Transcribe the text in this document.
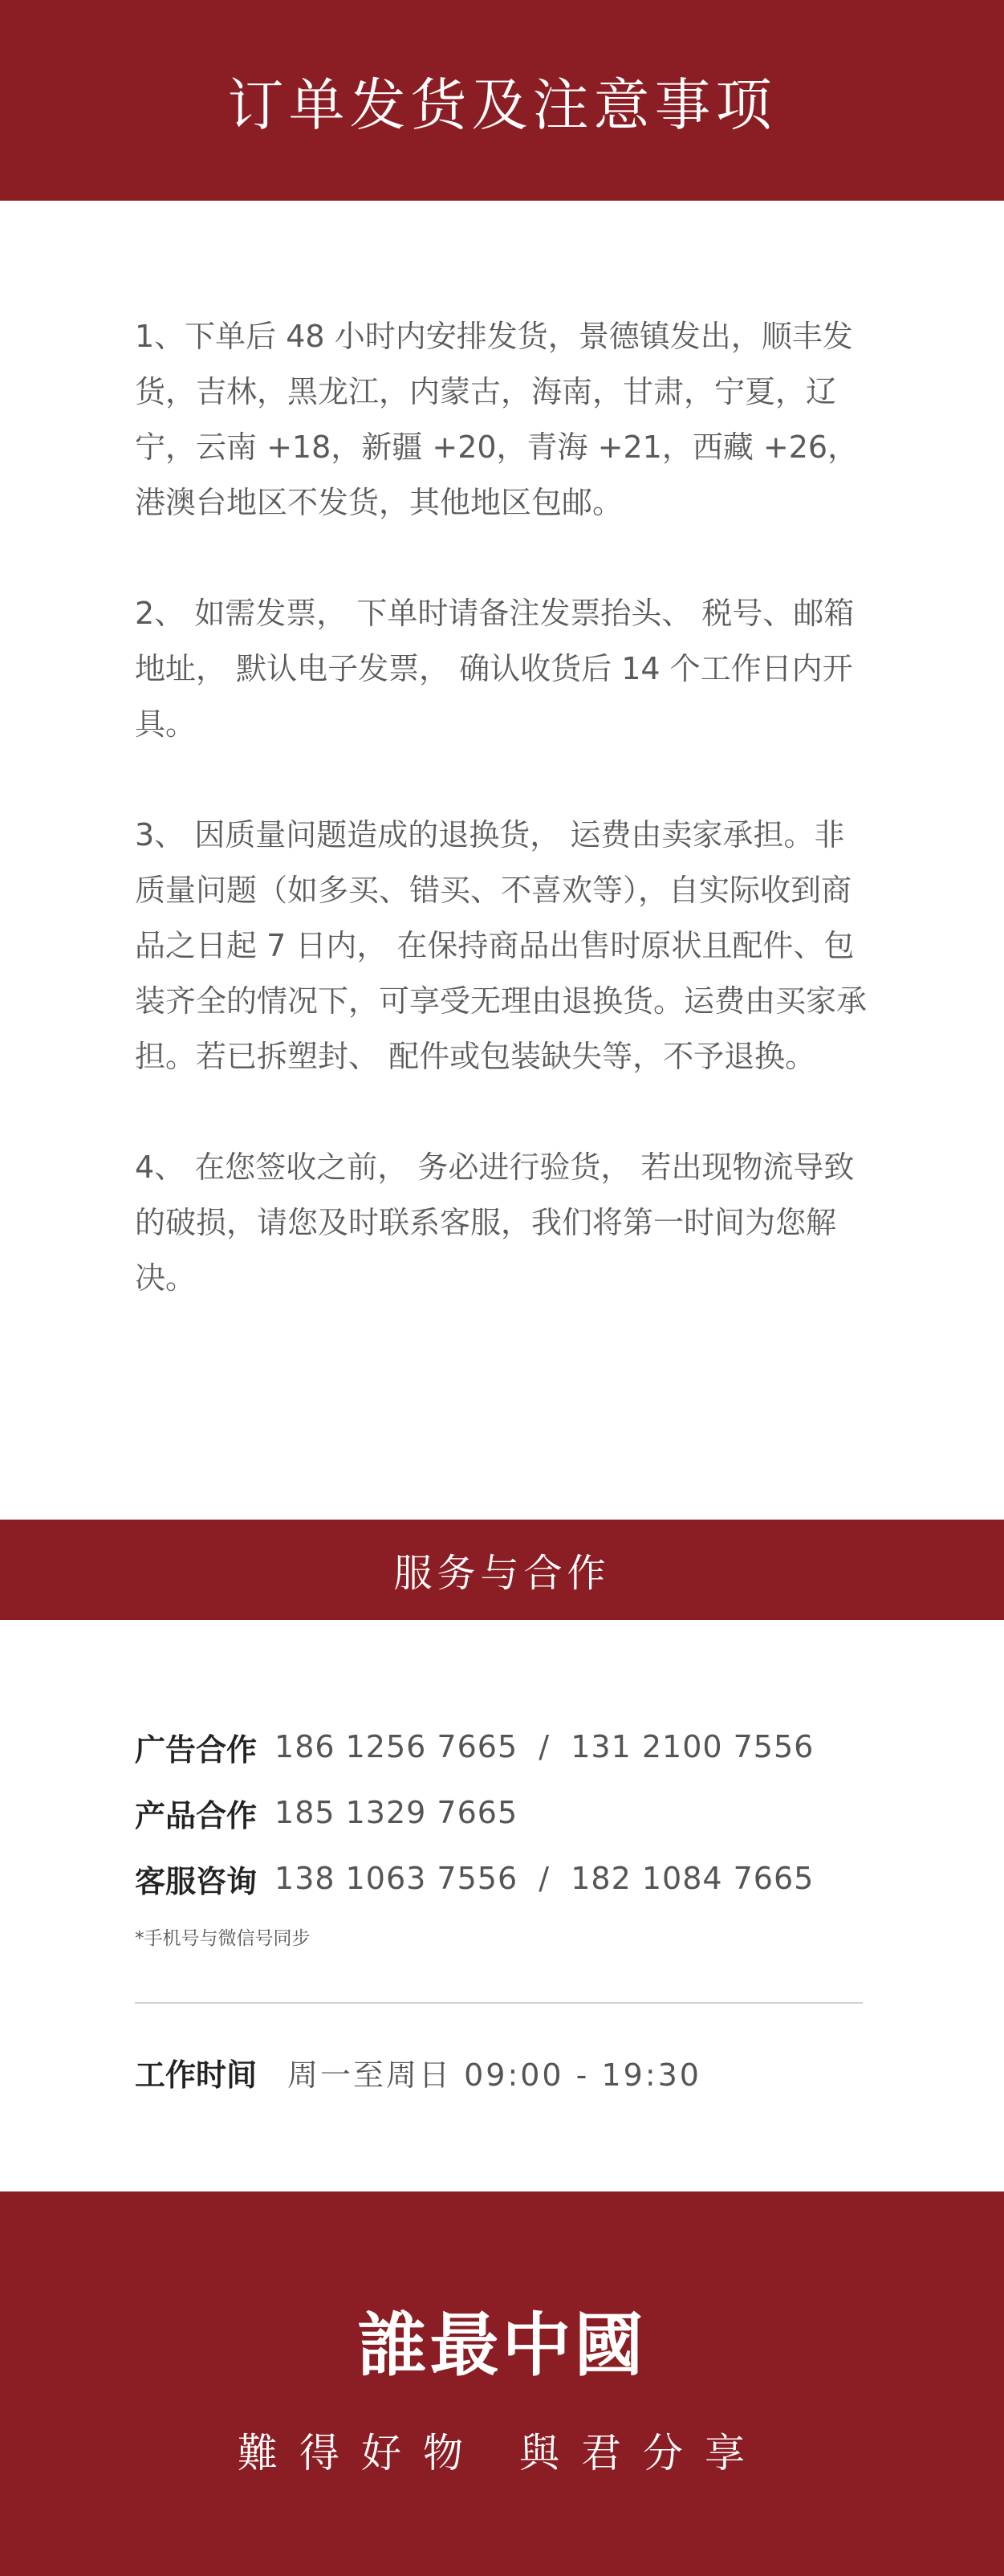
订单发货及注意事项

1、下单后 48 小时内安排发货，景德镇发出，顺丰发货，吉林，黑龙江，内蒙古，海南，甘肃，宁夏，辽宁，云南 +18，新疆 +20，青海 +21，西藏 +26，港澳台地区不发货，其他地区包邮。

2、 如需发票， 下单时请备注发票抬头、 税号、邮箱地址， 默认电子发票， 确认收货后 14 个工作日内开具。

3、 因质量问题造成的退换货， 运费由卖家承担。非质量问题（如多买、错买、不喜欢等），自实际收到商品之日起 7 日内， 在保持商品出售时原状且配件、包装齐全的情况下，可享受无理由退换货。运费由买家承担。若已拆塑封、 配件或包装缺失等，不予退换。

4、 在您签收之前， 务必进行验货， 若出现物流导致的破损，请您及时联系客服，我们将第一时间为您解决。

服务与合作
广告合作 186 1256 7665  /  131 2100 7556
产品合作 185 1329 7665
客服咨询 138 1063 7556  /  182 1084 7665
*手机号与微信号同步
工作时间 周一至周日 09:00 - 19:30
誰最中國
難得好物 與君分享
